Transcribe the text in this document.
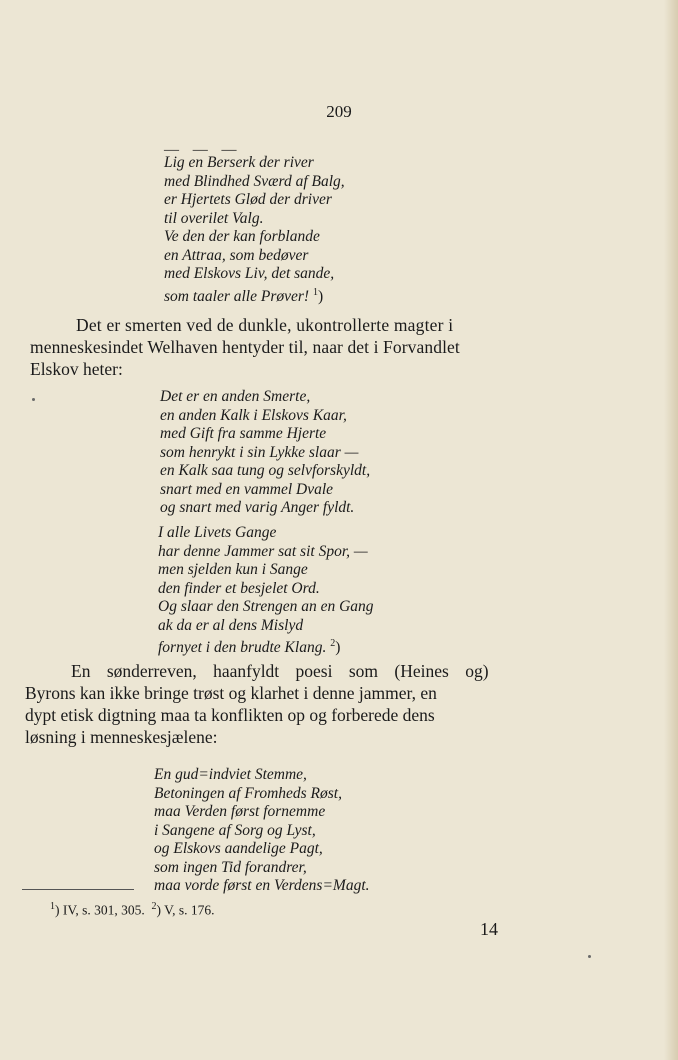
209
— — —
Lig en Berserk der river
med Blindhed Sværd af Balg,
er Hjertets Glød der driver
til overilet Valg.
Ve den der kan forblande
en Attraa, som bedøver
med Elskovs Liv, det sande,
som taaler alle Prøver! $^1$)
Det er smerten ved de dunkle, ukontrollerte magter i
menneskesindet Welhaven hentyder til, naar det i Forvandlet
Elskov heter:
Det er en anden Smerte,
en anden Kalk i Elskovs Kaar,
med Gift fra samme Hjerte
som henrykt i sin Lykke slaar —
en Kalk saa tung og selvforskyldt,
snart med en vammel Dvale
og snart med varig Anger fyldt.
I alle Livets Gange
har denne Jammer sat sit Spor, —
men sjelden kun i Sange
den finder et besjelet Ord.
Og slaar den Strengen an en Gang
ak da er al dens Mislyd
fornyet i den brudte Klang. $^2$)
En sønderreven, haanfyldt poesi som (Heines og)
Byrons kan ikke bringe trøst og klarhet i denne jammer, en
dypt etisk digtning maa ta konflikten op og forberede dens
løsning i menneskesjælene:
En gud=indviet Stemme,
Betoningen af Fromheds Røst,
maa Verden først fornemme
i Sangene af Sorg og Lyst,
og Elskovs aandelige Pagt,
som ingen Tid forandrer,
maa vorde først en Verdens=Magt.
$^1$) IV, s. 301, 305. $^2$) V, s. 176.
14
